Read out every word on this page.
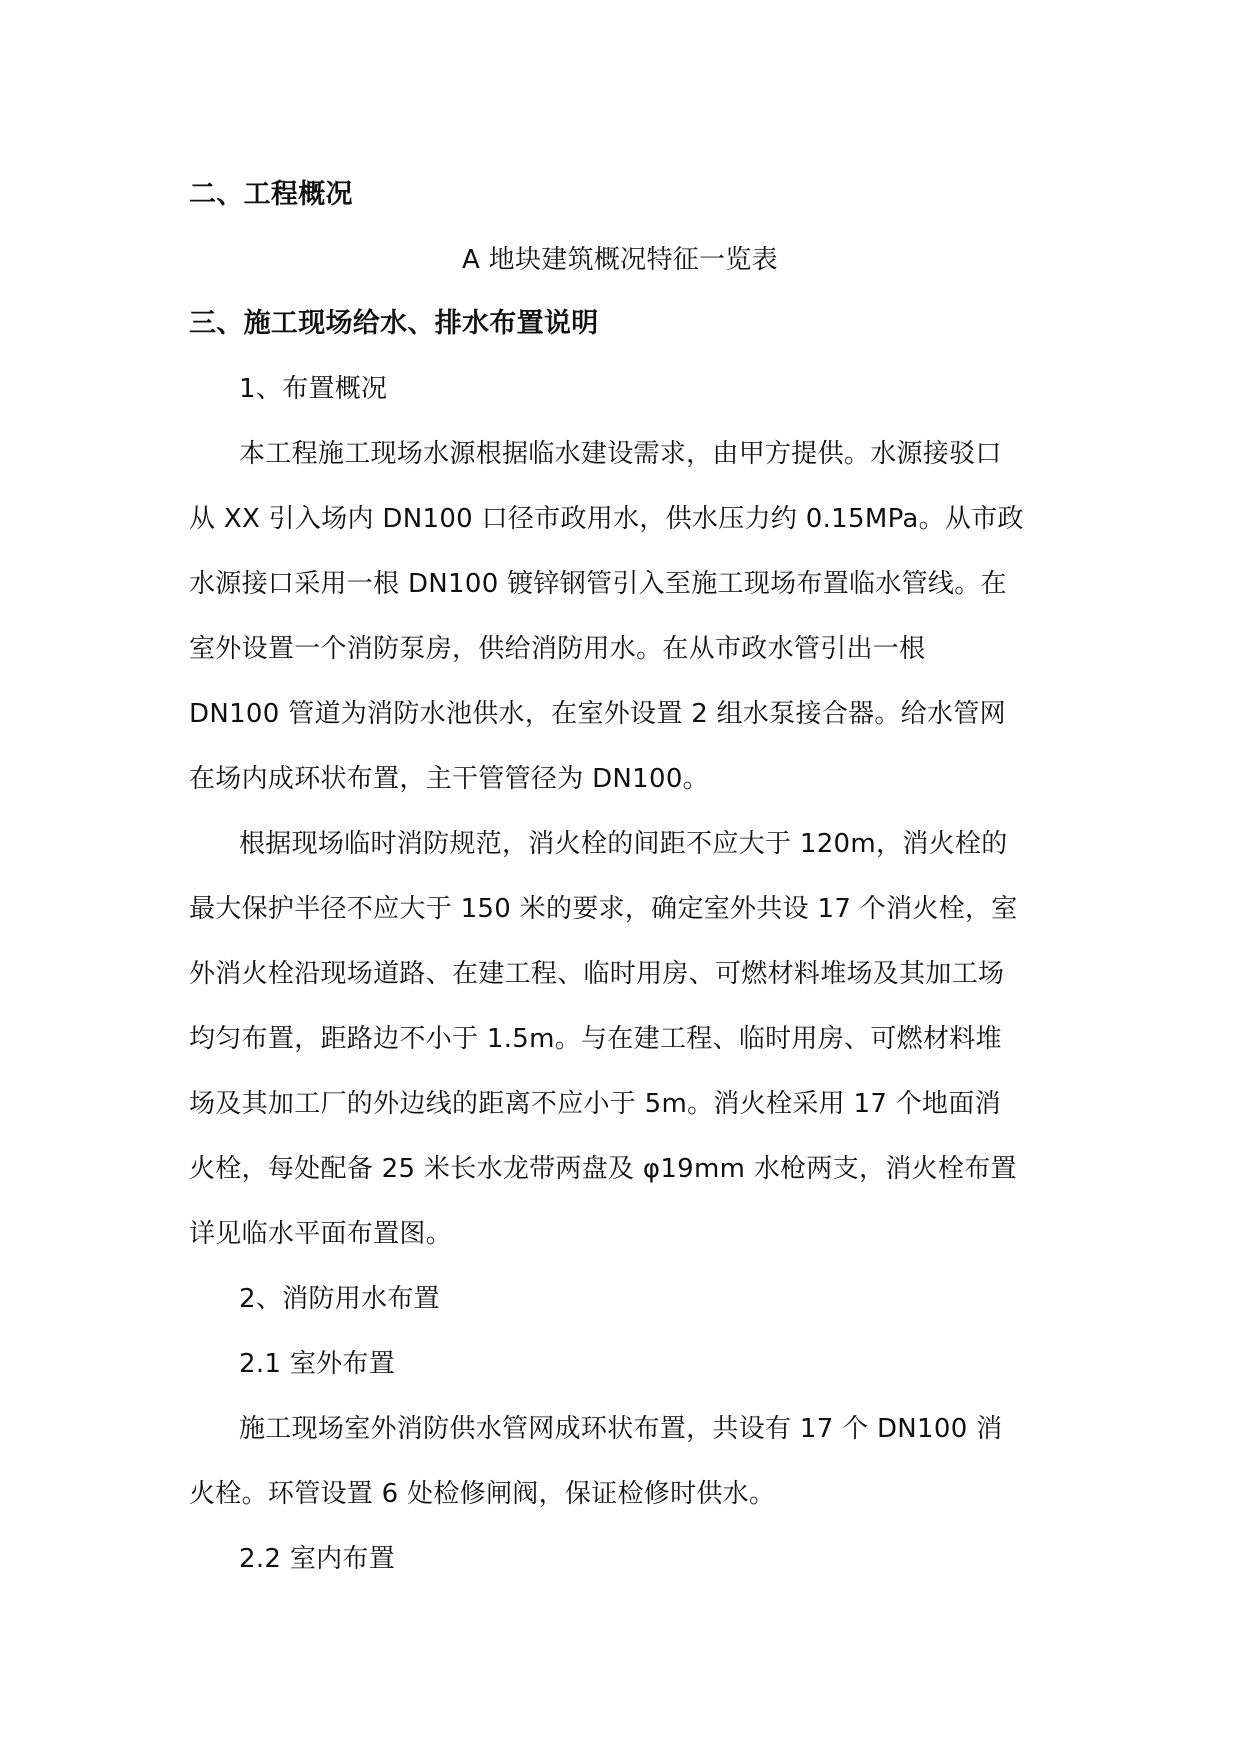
二、工程概况
A 地块建筑概况特征一览表
三、施工现场给水、排水布置说明
1、布置概况
本工程施工现场水源根据临水建设需求，由甲方提供。水源接驳口
从 XX 引入场内 DN100 口径市政用水，供水压力约 0.15MPa。从市政
水源接口采用一根 DN100 镀锌钢管引入至施工现场布置临水管线。在
室外设置一个消防泵房，供给消防用水。在从市政水管引出一根
DN100 管道为消防水池供水，在室外设置 2 组水泵接合器。给水管网
在场内成环状布置，主干管管径为 DN100。
根据现场临时消防规范，消火栓的间距不应大于 120m，消火栓的
最大保护半径不应大于 150 米的要求，确定室外共设 17 个消火栓，室
外消火栓沿现场道路、在建工程、临时用房、可燃材料堆场及其加工场
均匀布置，距路边不小于 1.5m。与在建工程、临时用房、可燃材料堆
场及其加工厂的外边线的距离不应小于 5m。消火栓采用 17 个地面消
火栓，每处配备 25 米长水龙带两盘及 φ19mm 水枪两支，消火栓布置
详见临水平面布置图。
2、消防用水布置
2.1 室外布置
施工现场室外消防供水管网成环状布置，共设有 17 个 DN100 消
火栓。环管设置 6 处检修闸阀，保证检修时供水。
2.2 室内布置
